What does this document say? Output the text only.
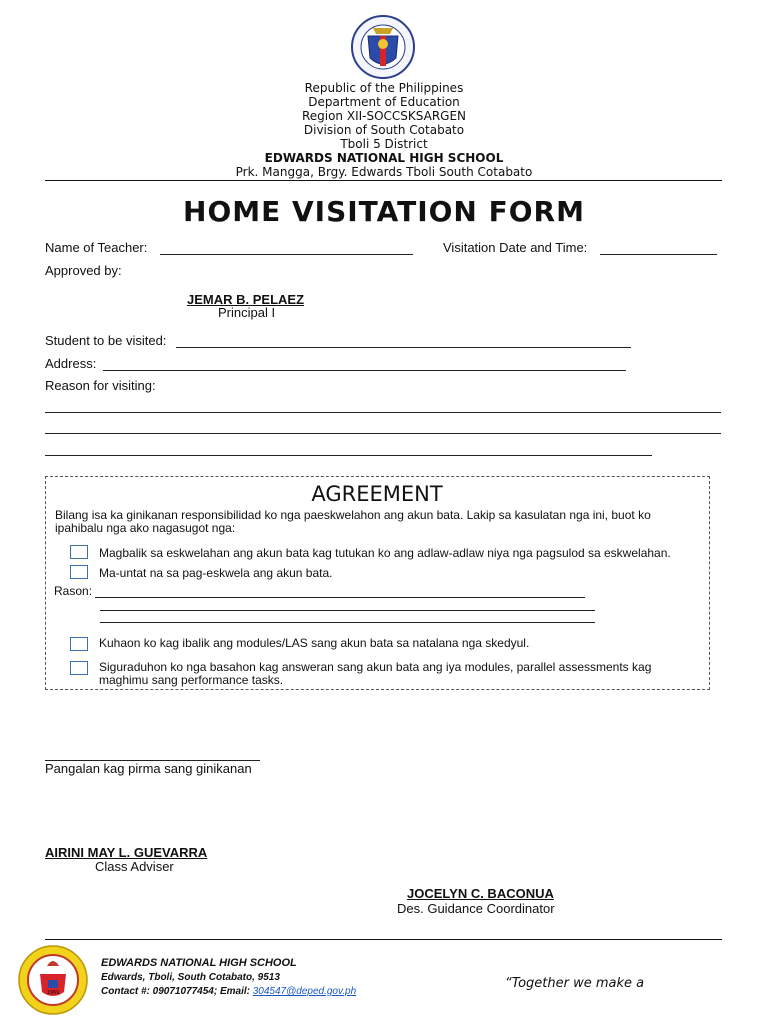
Republic of the Philippines
Department of Education
Region XII-SOCCSKSARGEN
Division of South Cotabato
Tboli 5 District
EDWARDS NATIONAL HIGH SCHOOL
Prk. Mangga, Brgy. Edwards Tboli South Cotabato
HOME VISITATION FORM
Name of Teacher:	Visitation Date and Time:
Approved by:
JEMAR B. PELAEZ
Principal I
Student to be visited:
Address:
Reason for visiting:
AGREEMENT
Bilang isa ka ginikanan responsibilidad ko nga paeskwelahon ang akun bata. Lakip sa kasulatan nga ini, buot ko
ipahibalu nga ako nagasugot nga:
Magbalik sa eskwelahan ang akun bata kag tutukan ko ang adlaw-adlaw niya nga pagsulod sa eskwelahan.
Ma-untat na sa pag-eskwela ang akun bata.
Rason:
Kuhaon ko kag ibalik ang modules/LAS sang akun bata sa natalana nga skedyul.
Siguraduhon ko nga basahon kag answeran sang akun bata ang iya modules, parallel assessments kag
maghimu sang performance tasks.
Pangalan kag pirma sang ginikanan
AIRINI MAY L. GUEVARRA
Class Adviser
JOCELYN C. BACONUA
Des. Guidance Coordinator
1969
EDWARDS NATIONAL HIGH SCHOOL
Edwards, Tboli, South Cotabato, 9513
Contact #: 09071077454; Email: 304547@deped.gov.ph
“Together we make a
